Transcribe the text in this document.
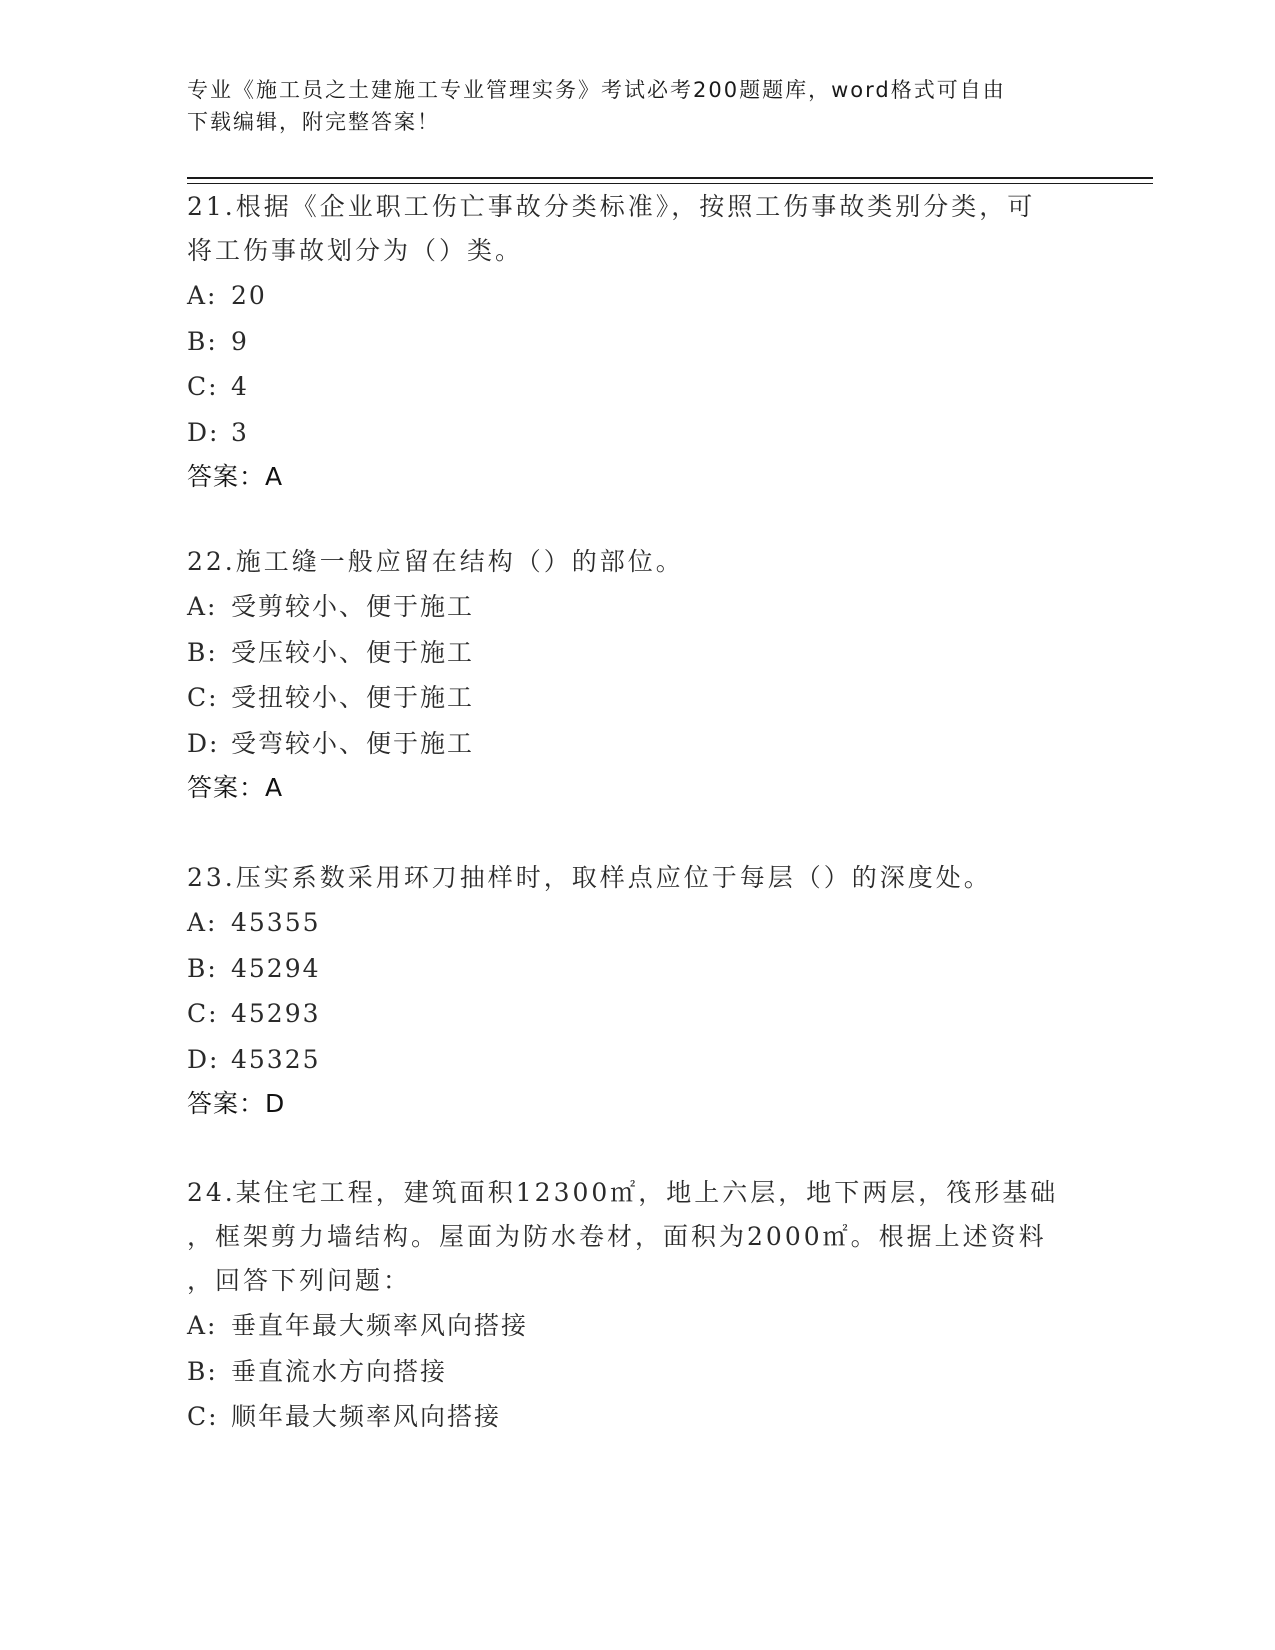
专业《施工员之土建施工专业管理实务》考试必考200题题库，word格式可自由
下载编辑，附完整答案！
21.根据《企业职工伤亡事故分类标准》，按照工伤事故类别分类，可
将工伤事故划分为（）类。
A: 20
B: 9
C: 4
D: 3
答案：A
22.施工缝一般应留在结构（）的部位。
A: 受剪较小、便于施工
B: 受压较小、便于施工
C: 受扭较小、便于施工
D: 受弯较小、便于施工
答案：A
23.压实系数采用环刀抽样时，取样点应位于每层（）的深度处。
A: 45355
B: 45294
C: 45293
D: 45325
答案：D
24.某住宅工程，建筑面积12300㎡，地上六层，地下两层，筏形基础
，框架剪力墙结构。屋面为防水卷材，面积为2000㎡。根据上述资料
，回答下列问题：
A: 垂直年最大频率风向搭接
B: 垂直流水方向搭接
C: 顺年最大频率风向搭接
